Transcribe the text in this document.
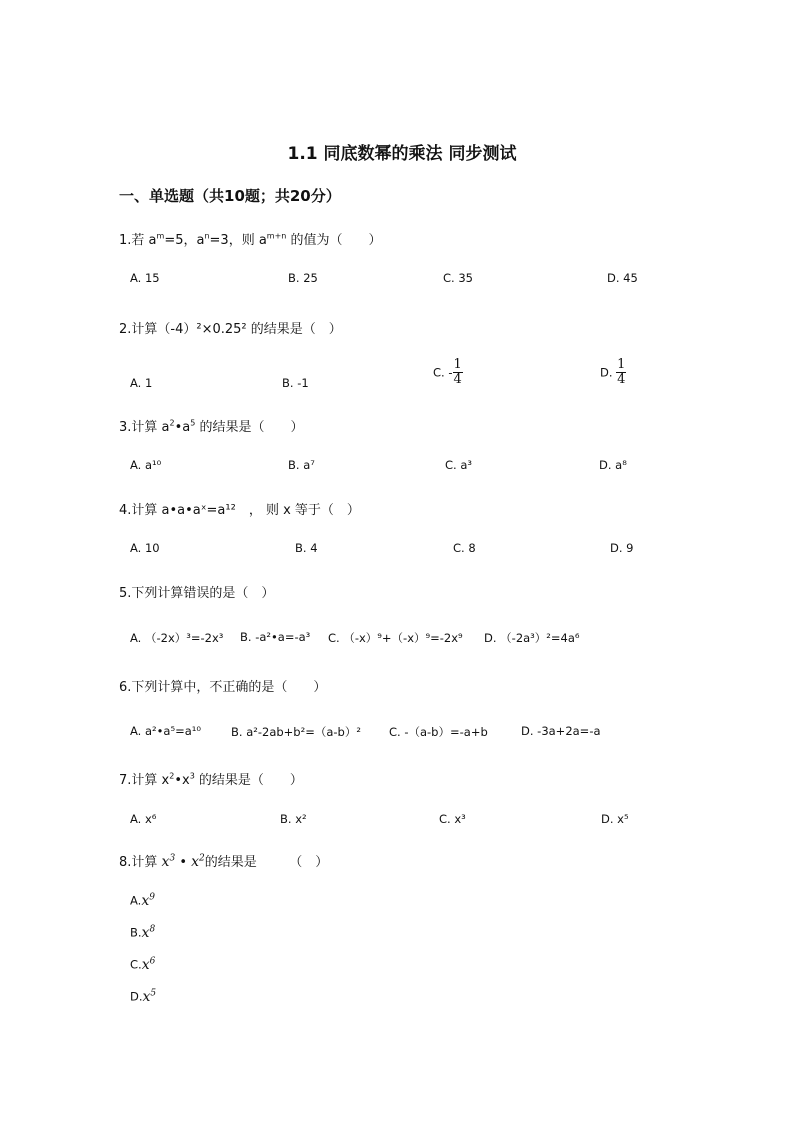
1.1 同底数幂的乘法 同步测试
一、单选题（共10题；共20分）
1.若 $a^m=5$，$a^n=3$，则 $a^{m+n}$ 的值为（　　）
A. 15	B. 25	C. 35	D. 45
2.计算（-4）²×0.25² 的结果是（　）
A. 1	B. -1
C. - $\frac{1}{4}$	D. $\frac{1}{4}$
3.计算 $a^2•a^5$ 的结果是（　　）
A. a¹⁰	B. a⁷	C. a³	D. a⁸
4.计算 a•a•aˣ=a¹²　， 则 x 等于（　）
A. 10	B. 4	C. 8	D. 9
5.下列计算错误的是（　）
A. （-2x）³=-2x³ B. -a²•a=-a³ C. （-x）⁹+（-x）⁹=-2x⁹ D. （-2a³）²=4a⁶
6.下列计算中，不正确的是（　　）
A. a²•a⁵=a¹⁰	B. a²-2ab+b²=（a-b）² C. -（a-b）=-a+b	D. -3a+2a=-a
7.计算 $x^2•x^3$ 的结果是（　　）
A. x⁶	B. x²	C. x³	D. x⁵
8.计算 $x^3$ • $x^2$的结果是　　　（　）
$A.x^9$
$B.x^8$
$C.x^6$
$D.x^5$
